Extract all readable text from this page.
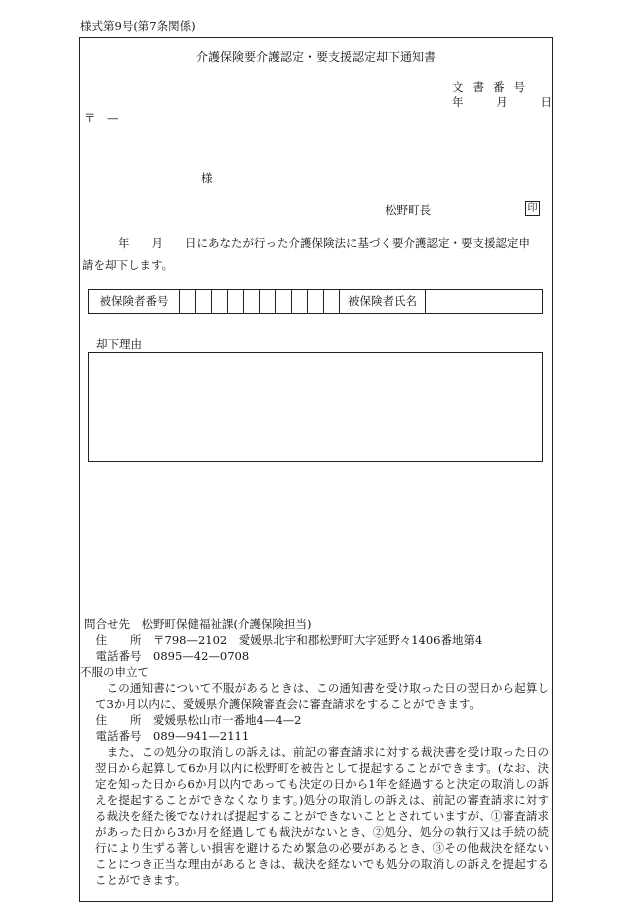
様式第9号(第7条関係)
介護保険要介護認定・要支援認定却下通知書
文書番号
年	月	日
〒　—
様
松野町長	印
年 月 日にあなたが行った介護保険法に基づく要介護認定・要支援認定申
請を却下します。
被保険者番号	被保険者氏名
却下理由
問合せ先　松野町保健福祉課(介護保険担当)
　住　　所　〒798—2102　愛媛県北宇和郡松野町大字延野々1406番地第4
　電話番号　0895—42—0708
不服の申立て
　この通知書について不服があるときは、この通知書を受け取った日の翌日から起算して3か月以内に、愛媛県介護保険審査会に審査請求をすることができます。
　住　　所　愛媛県松山市一番地4—4—2
　電話番号　089—941—2111
　また、この処分の取消しの訴えは、前記の審査請求に対する裁決書を受け取った日の翌日から起算して6か月以内に松野町を被告として提起することができます。(なお、決定を知った日から6か月以内であっても決定の日から1年を経過すると決定の取消しの訴えを提起することができなくなります。)処分の取消しの訴えは、前記の審査請求に対する裁決を経た後でなければ提起することができないこととされていますが、①審査請求があった日から3か月を経過しても裁決がないとき、②処分、処分の執行又は手続の続行により生ずる著しい損害を避けるため緊急の必要があるとき、③その他裁決を経ないことにつき正当な理由があるときは、裁決を経ないでも処分の取消しの訴えを提起することができます。
